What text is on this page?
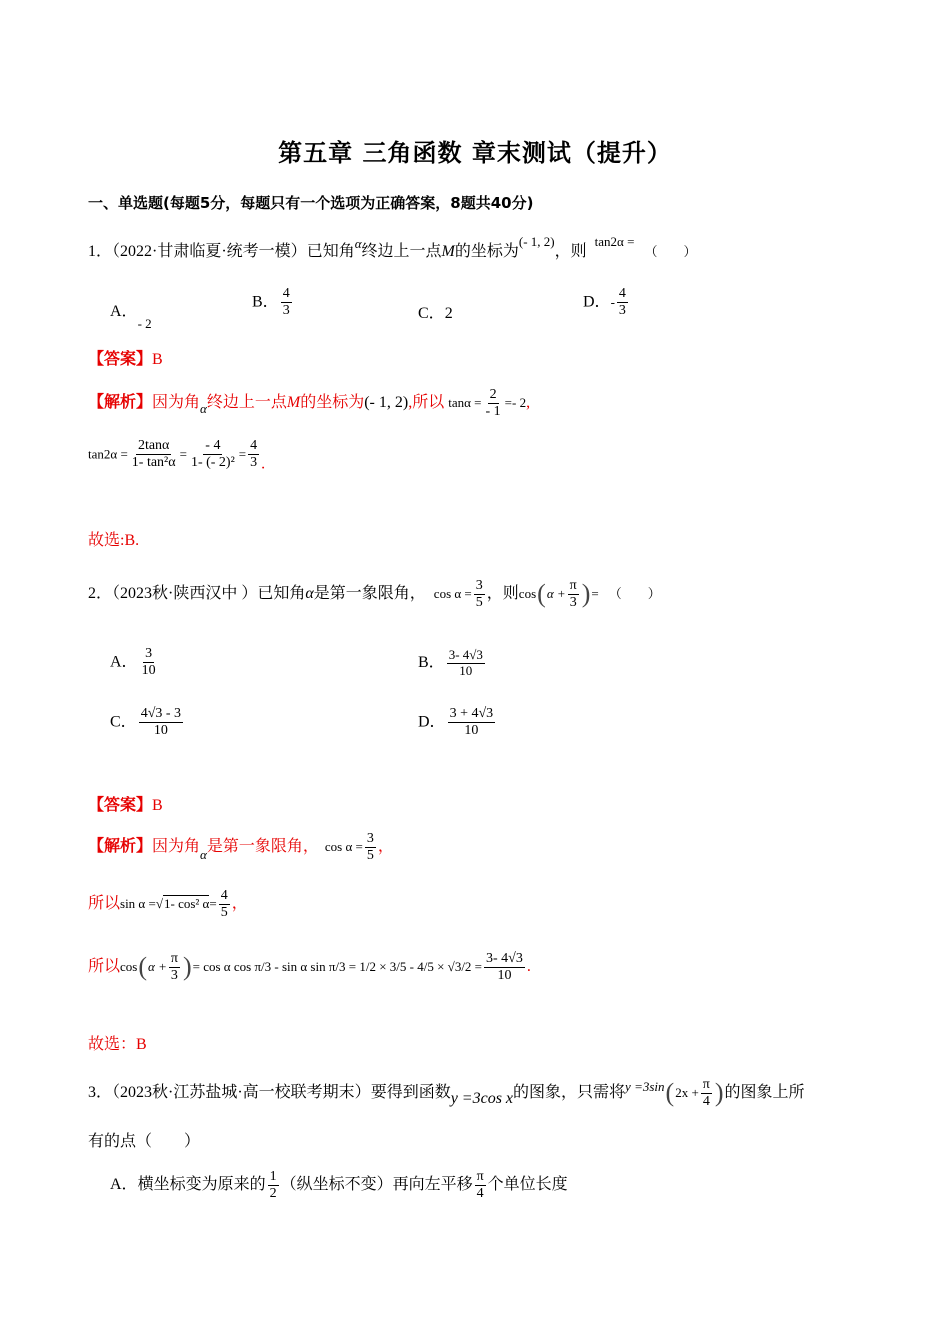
第五章 三角函数 章末测试（提升）
一、单选题(每题5分，每题只有一个选项为正确答案，8题共40分)
1．（2022·甘肃临夏·统考一模）已知角$^\alpha$终边上一点M的坐标为$^{(- 1, 2)}$，则$^{tan2\alpha =}$（　　）
A．$_{- 2}$
B． $\frac{4}{3}$	C．2
D．- $\frac{4}{3}$
【答案】B
【解析】因为角$_\alpha$终边上一点M的坐标为(- 1, 2),所以 $\tan\alpha = \frac{2}{- 1} =- 2$,
$\tan 2\alpha = \frac{2\tan\alpha}{\text{1- tan²α}} = \frac{- 4}{\text{1- (- 2)²}} = \frac{4}{3}$ .
故选:B.
2．（2023秋·陕西汉中 ）已知角α是第一象限角， $\cos \alpha = \frac{3}{5}$ ，则$\cos(\alpha + \frac{\pi}{3}$ )= （　　）
A． $\frac{3}{10}$	B． $\frac{3- 4√3}{10}$
C． $\frac{4√3 - 3}{10}$	D． $\frac{3 + 4√3}{10}$
【答案】B
【解析】因为角$_\alpha$是第一象限角， $\cos \alpha = \frac{3}{5}$ ，
所以sin α =√1- cos² $\alpha= \frac{4}{5}$ ，
所以$\cos(\alpha + \frac{\pi}{3}$ )= cos α cos π/3 - sin α $\sin \pi/3 = 1/2 \times 3/5 - 4/5 \times √3/2 = \frac{3- 4√3}{10}$ .
故选：B
3．（2023秋·江苏盐城·高一校联考期末）要得到函数y =3cos x的图象，只需将$^{y =3sin}(2x + \frac{\pi}{4}$ )的图象上所
有的点（　　）
A．横坐标变为原来的 $\frac{1}{2}$ （纵坐标不变）再向左平移 $\frac{\pi}{4}$ 个单位长度
